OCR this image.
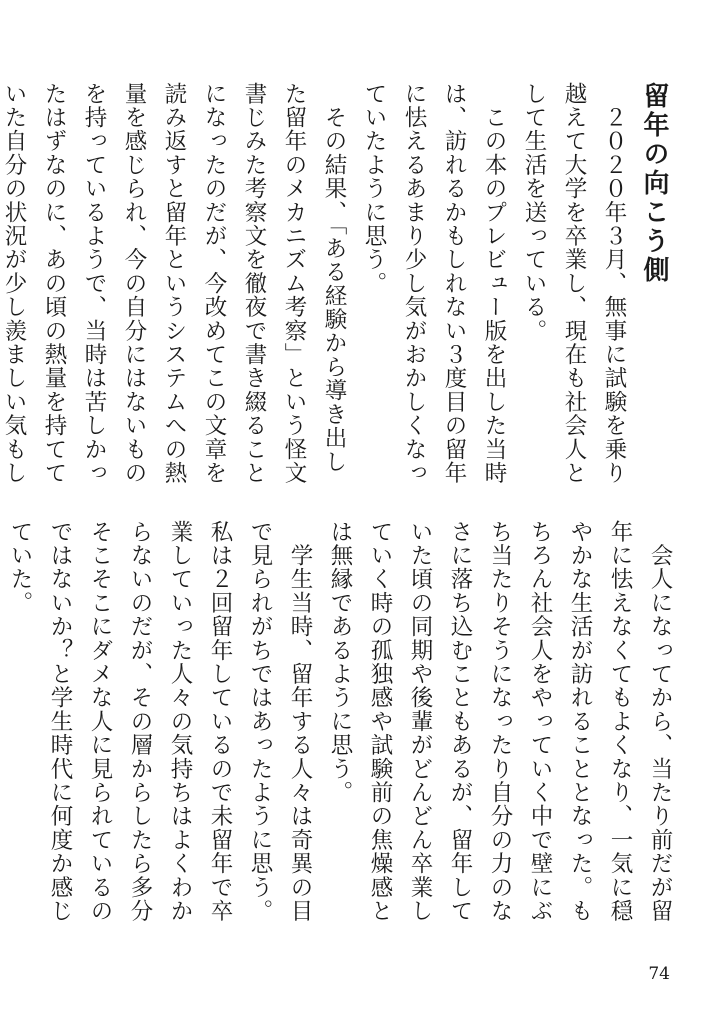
留年の向こう側

　２０２０年３月、無事に試験を乗り越えて大学を卒業し、現在も社会人として生活を送っている。

　この本のプレビュー版を出した当時は、訪れるかもしれない３度目の留年に怯えるあまり少し気がおかしくなっていたように思う。

　その結果、「ある経験から導き出した留年のメカニズム考察」という怪文書じみた考察文を徹夜で書き綴ることになったのだが、今改めてこの文章を読み返すと留年というシステムへの熱量を感じられ、今の自分にはないものを持っているようで、当時は苦しかったはずなのに、あの頃の熱量を持てていた自分の状況が少し羨ましい気もし

　会人になってから、当たり前だが留年に怯えなくてもよくなり、一気に穏やかな生活が訪れることとなった。もちろん社会人をやっていく中で壁にぶち当たりそうになったり自分の力のなさに落ち込むこともあるが、留年していた頃の同期や後輩がどんどん卒業していく時の孤独感や試験前の焦燥感とは無縁であるように思う。

　学生当時、留年する人々は奇異の目で見られがちではあったように思う。私は２回留年しているので未留年で卒業していった人々の気持ちはよくわからないのだが、その層からしたら多分そこそこにダメな人に見られているのではないか？と学生時代に何度か感じていた。

74
